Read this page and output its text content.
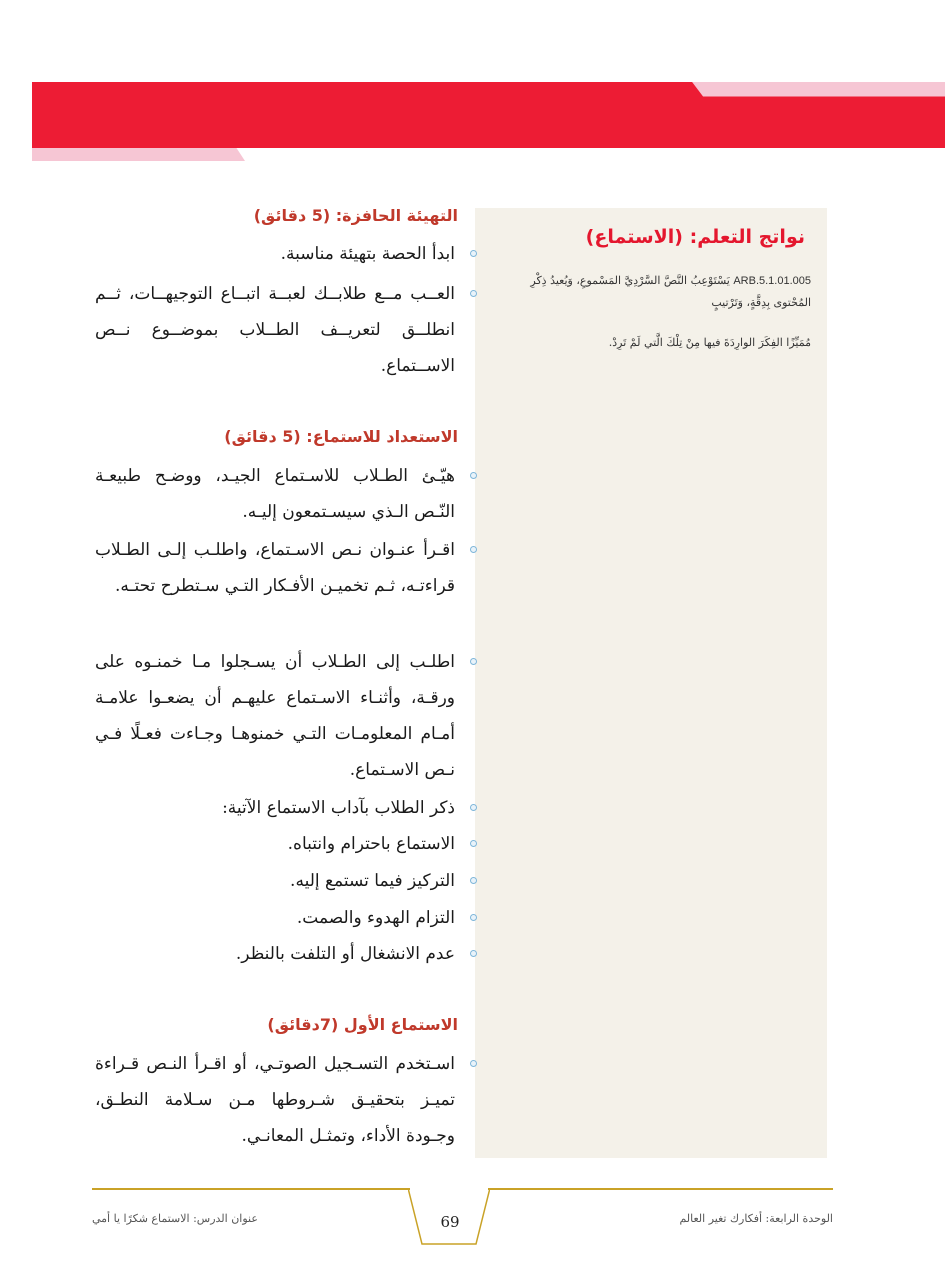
نواتج التعلم: (الاستماع)
ARB.5.1.01.005 يَسْتَوْعِبُ النَّصَّ السَّرْدِيَّ المَسْموعِ، وَيُعيدُ ذِكْرِ المُحْتوى بِدِقَّةٍ، وَتَرْتيبٍ
مُمَيِّزًا الفِكَرَ الوارِدَةَ فيها مِنْ تِلْكَ الَّتي لَمْ تَرِدْ.
التهيئة الحافزة: (5 دقائق)
ابدأ الحصة بتهيئة مناسبة.
العــب مــع طلابــك لعبــة اتبــاع التوجيهــات، ثــم انطلــق لتعريــف الطــلاب بموضــوع نــص الاســتماع.
الاستعداد للاستماع: (5 دقائق)
هيّـئ الطـلاب للاسـتماع الجيـد، ووضـح طبيعـة النّـص الـذي سيسـتمعون إليـه.
اقـرأ عنـوان نـص الاسـتماع، واطلـب إلـى الطـلاب قراءتـه، ثـم تخميـن الأفـكار التـي سـتطرح تحتـه.
اطلـب إلى الطـلاب أن يسـجلوا مـا خمنـوه على ورقـة، وأثنـاء الاسـتماع عليهـم أن يضعـوا علامـة أمـام المعلومـات التـي خمنوهـا وجـاءت فعـلًا فـي نـص الاسـتماع.
ذكر الطلاب بآداب الاستماع الآتية:
الاستماع باحترام وانتباه.
التركيز فيما تستمع إليه.
التزام الهدوء والصمت.
عدم الانشغال أو التلفت بالنظر.
الاستماع الأول (7دقائق)
اسـتخدم التسـجيل الصوتـي، أو اقـرأ النـص قـراءة تميـز بتحقيـق شـروطها مـن سـلامة النطـق، وجـودة الأداء، وتمثـل المعانـي.
69
عنوان الدرس: الاستماع شكرًا يا أمي	الوحدة الرابعة: أفكارك تغير العالم
